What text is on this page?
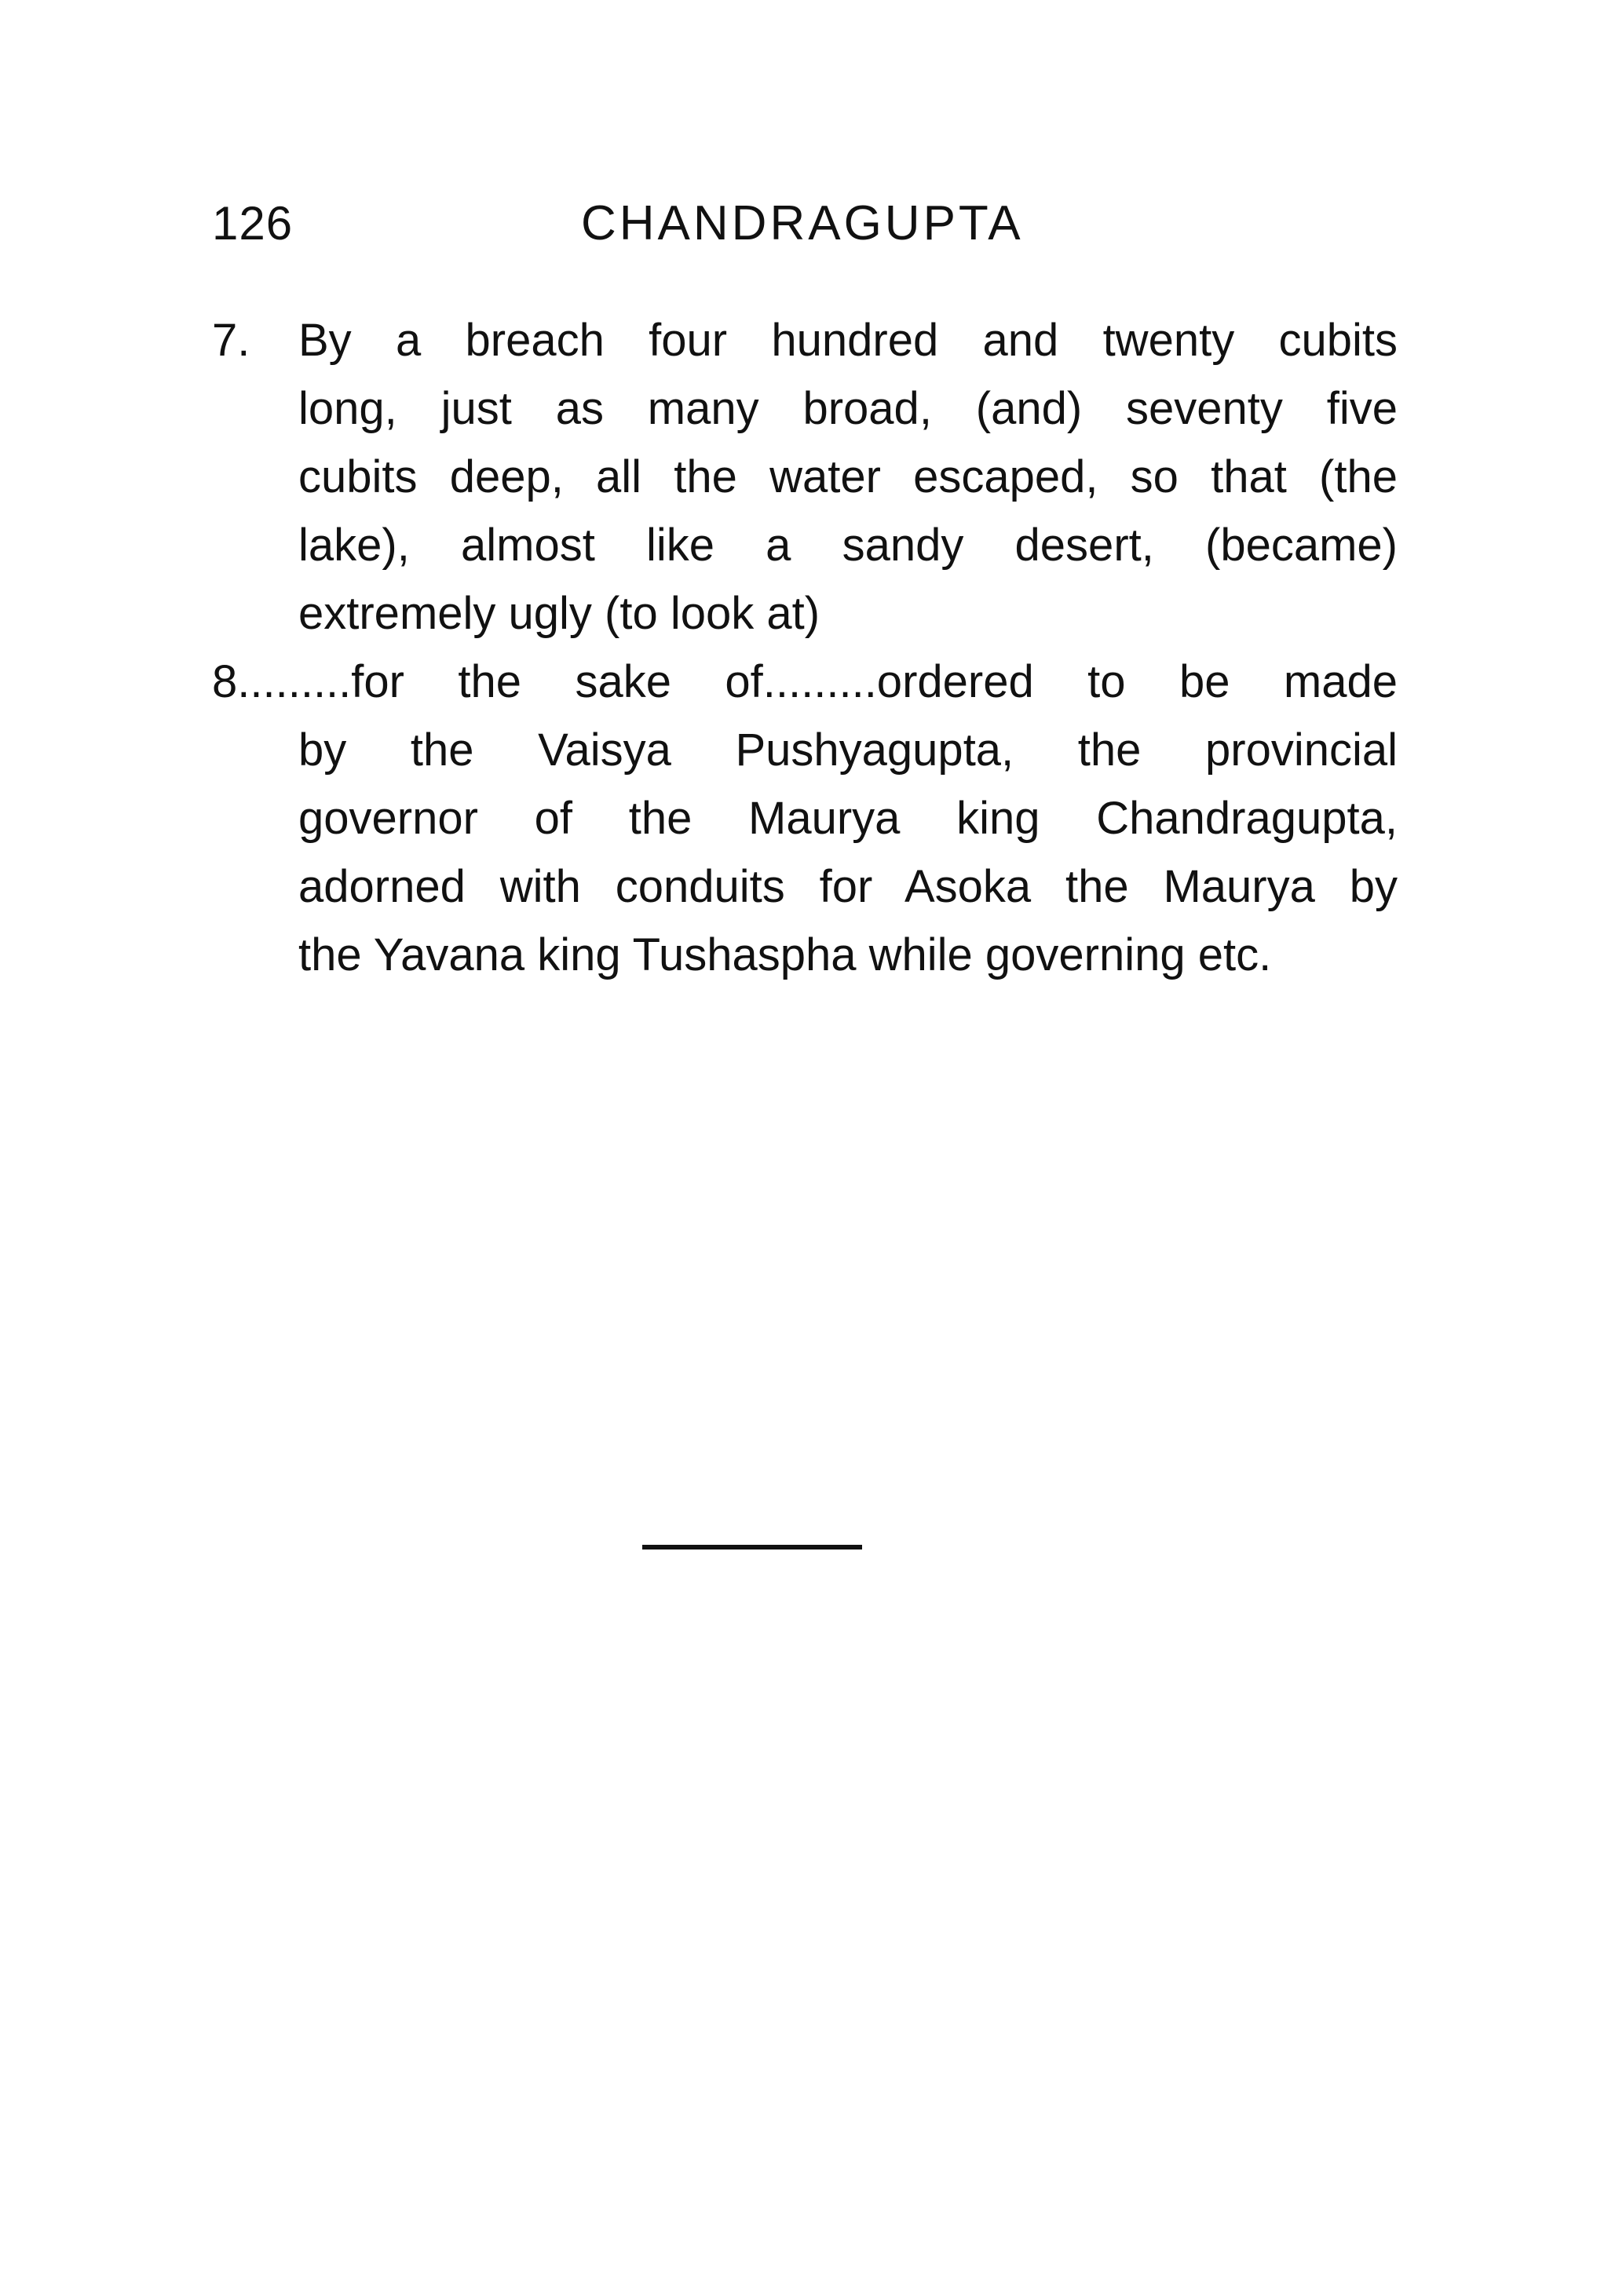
126	CHANDRAGUPTA
7. By a breach four hundred and twenty cubits
long, just as many broad, (and) seventy five
cubits deep, all the water escaped, so that (the
lake), almost like a sandy desert, (became)
extremely ugly (to look at)
8.........for the sake of.........ordered to be made
by the Vaisya Pushyagupta, the provincial
governor of the Maurya king Chandragupta,
adorned with conduits for Asoka the Maurya by
the Yavana king Tushaspha while governing etc.
